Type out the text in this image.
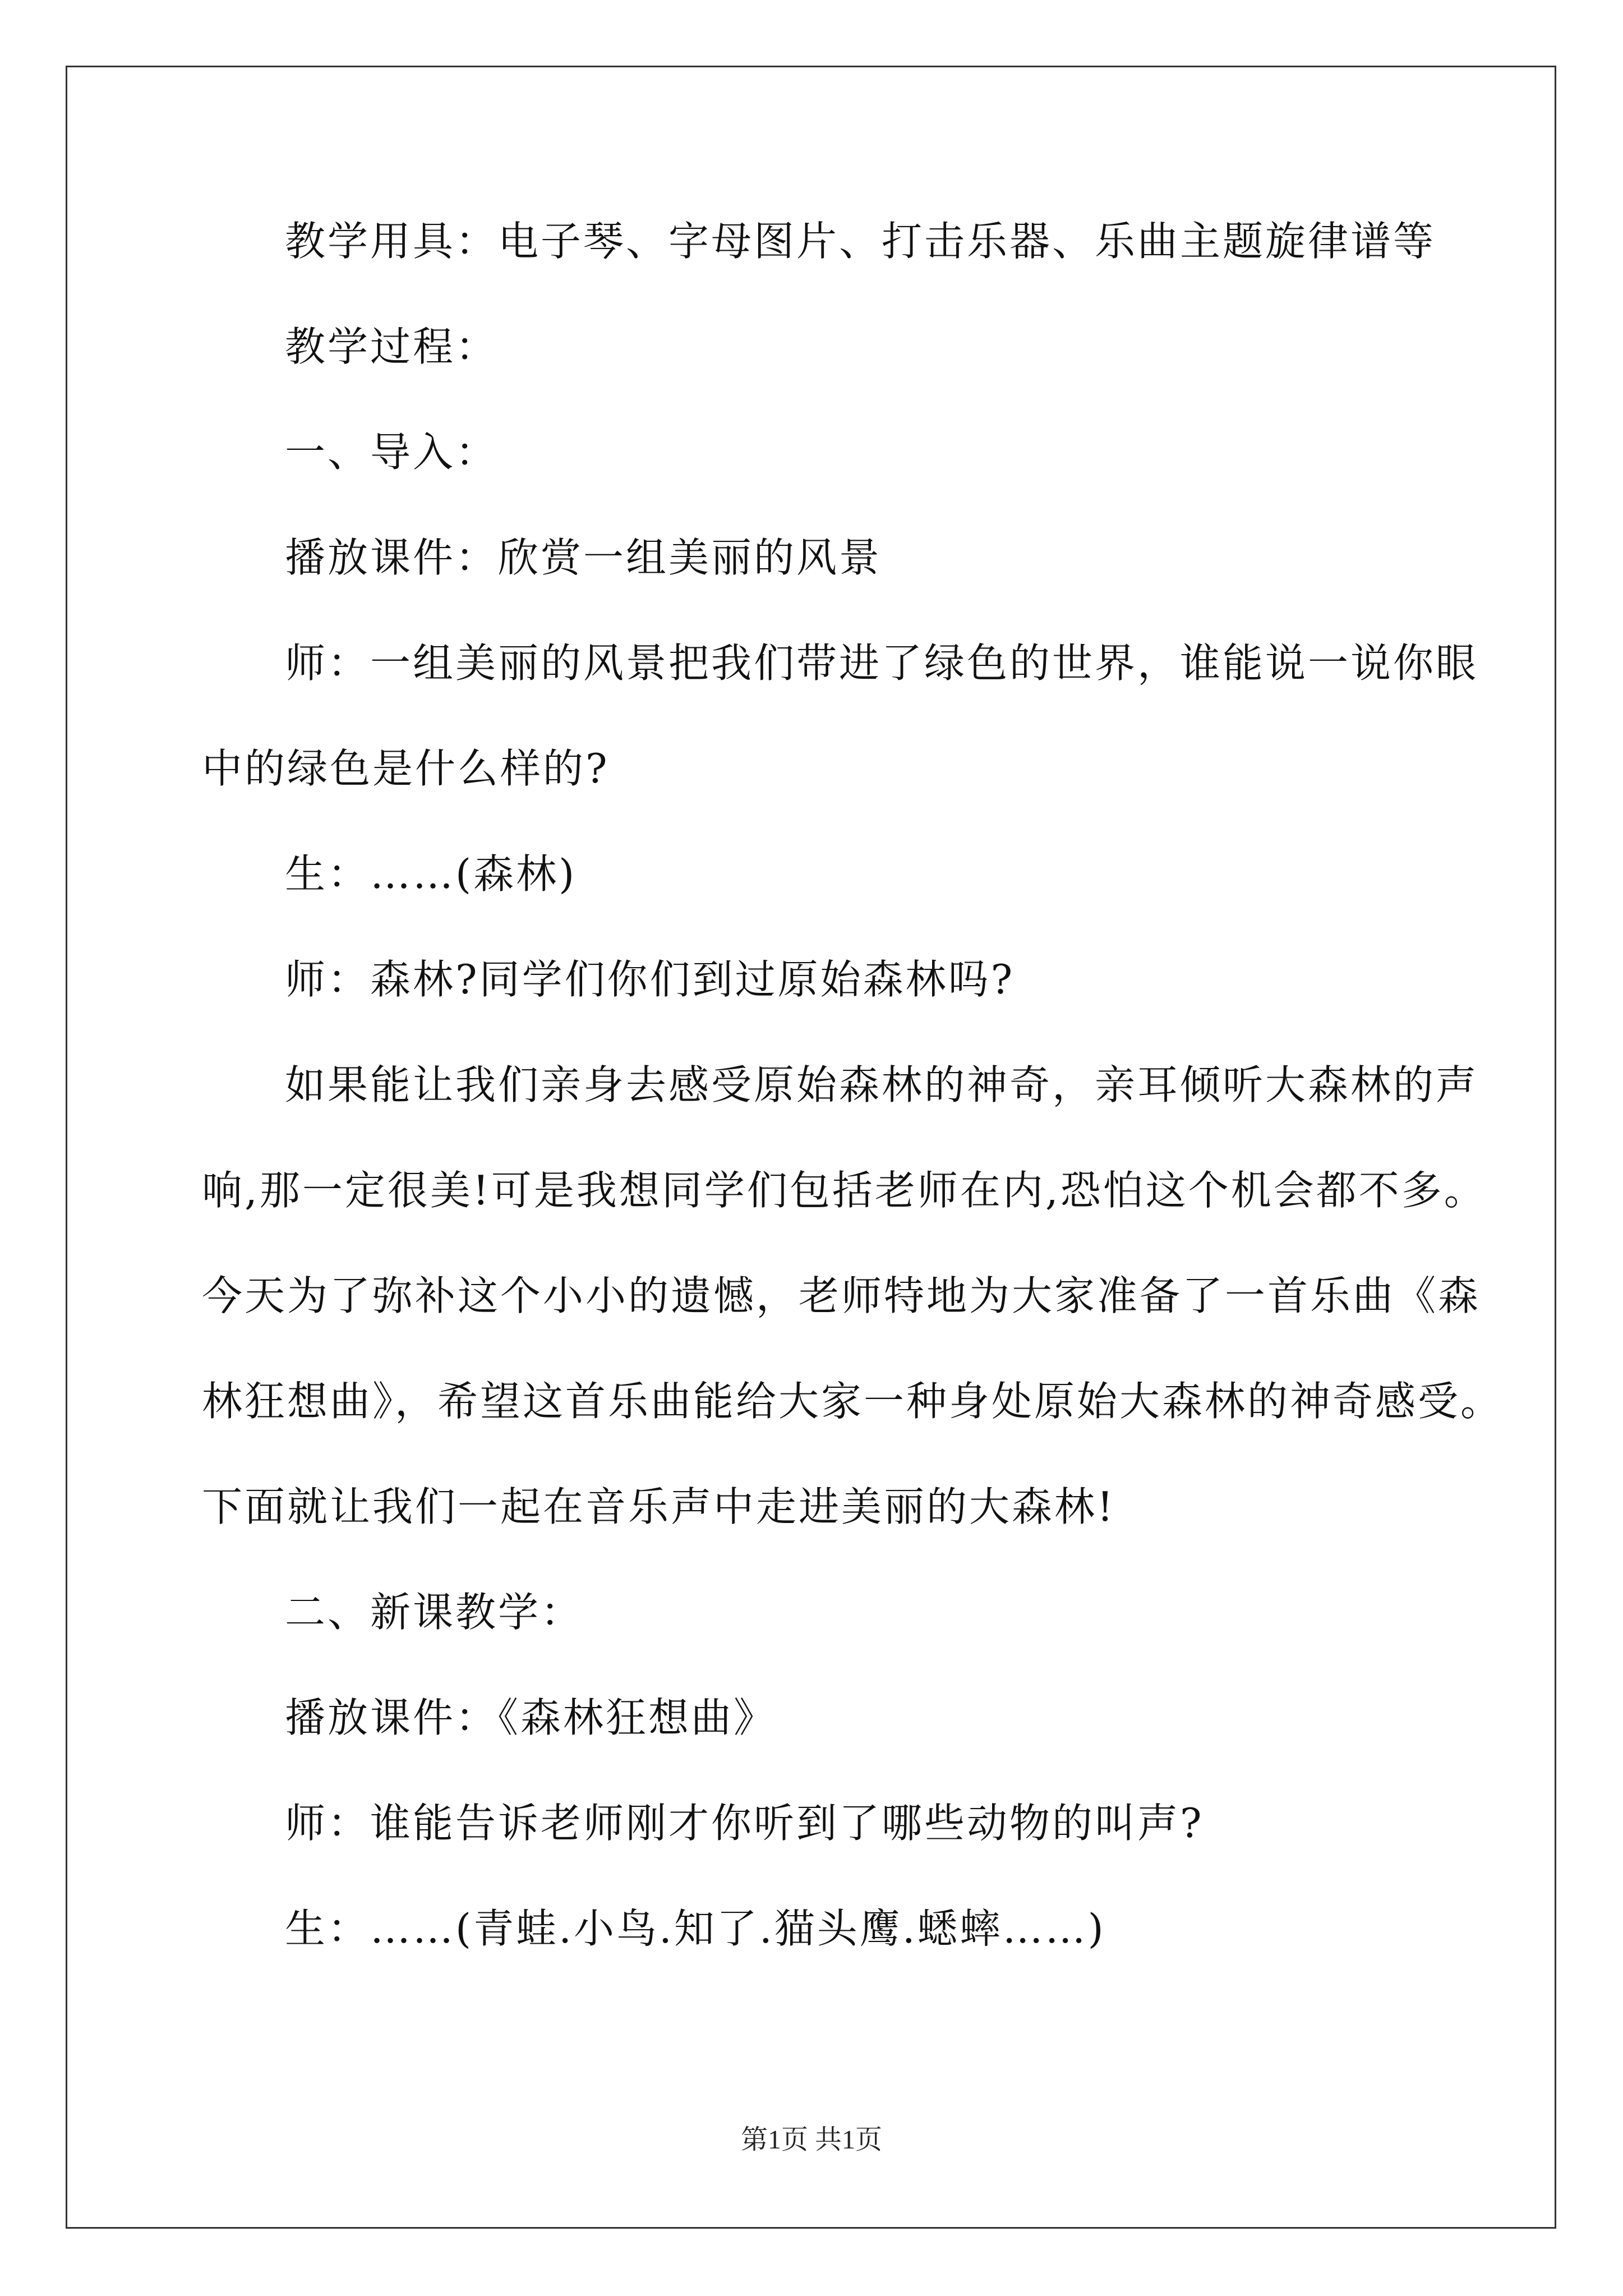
教学用具：电子琴、字母图片、打击乐器、乐曲主题旋律谱等
教学过程：
一、导入：
播放课件：欣赏一组美丽的风景
师：一组美丽的风景把我们带进了绿色的世界，谁能说一说你眼
中的绿色是什么样的?
生：……(森林)
师：森林?同学们你们到过原始森林吗?
如果能让我们亲身去感受原始森林的神奇，亲耳倾听大森林的声
响,那一定很美!可是我想同学们包括老师在内,恐怕这个机会都不多。
今天为了弥补这个小小的遗憾，老师特地为大家准备了一首乐曲《森
林狂想曲》，希望这首乐曲能给大家一种身处原始大森林的神奇感受。
下面就让我们一起在音乐声中走进美丽的大森林!
二、新课教学：
播放课件：《森林狂想曲》
师：谁能告诉老师刚才你听到了哪些动物的叫声?
生：……(青蛙.小鸟.知了.猫头鹰.蟋蟀……)
第1页 共1页
